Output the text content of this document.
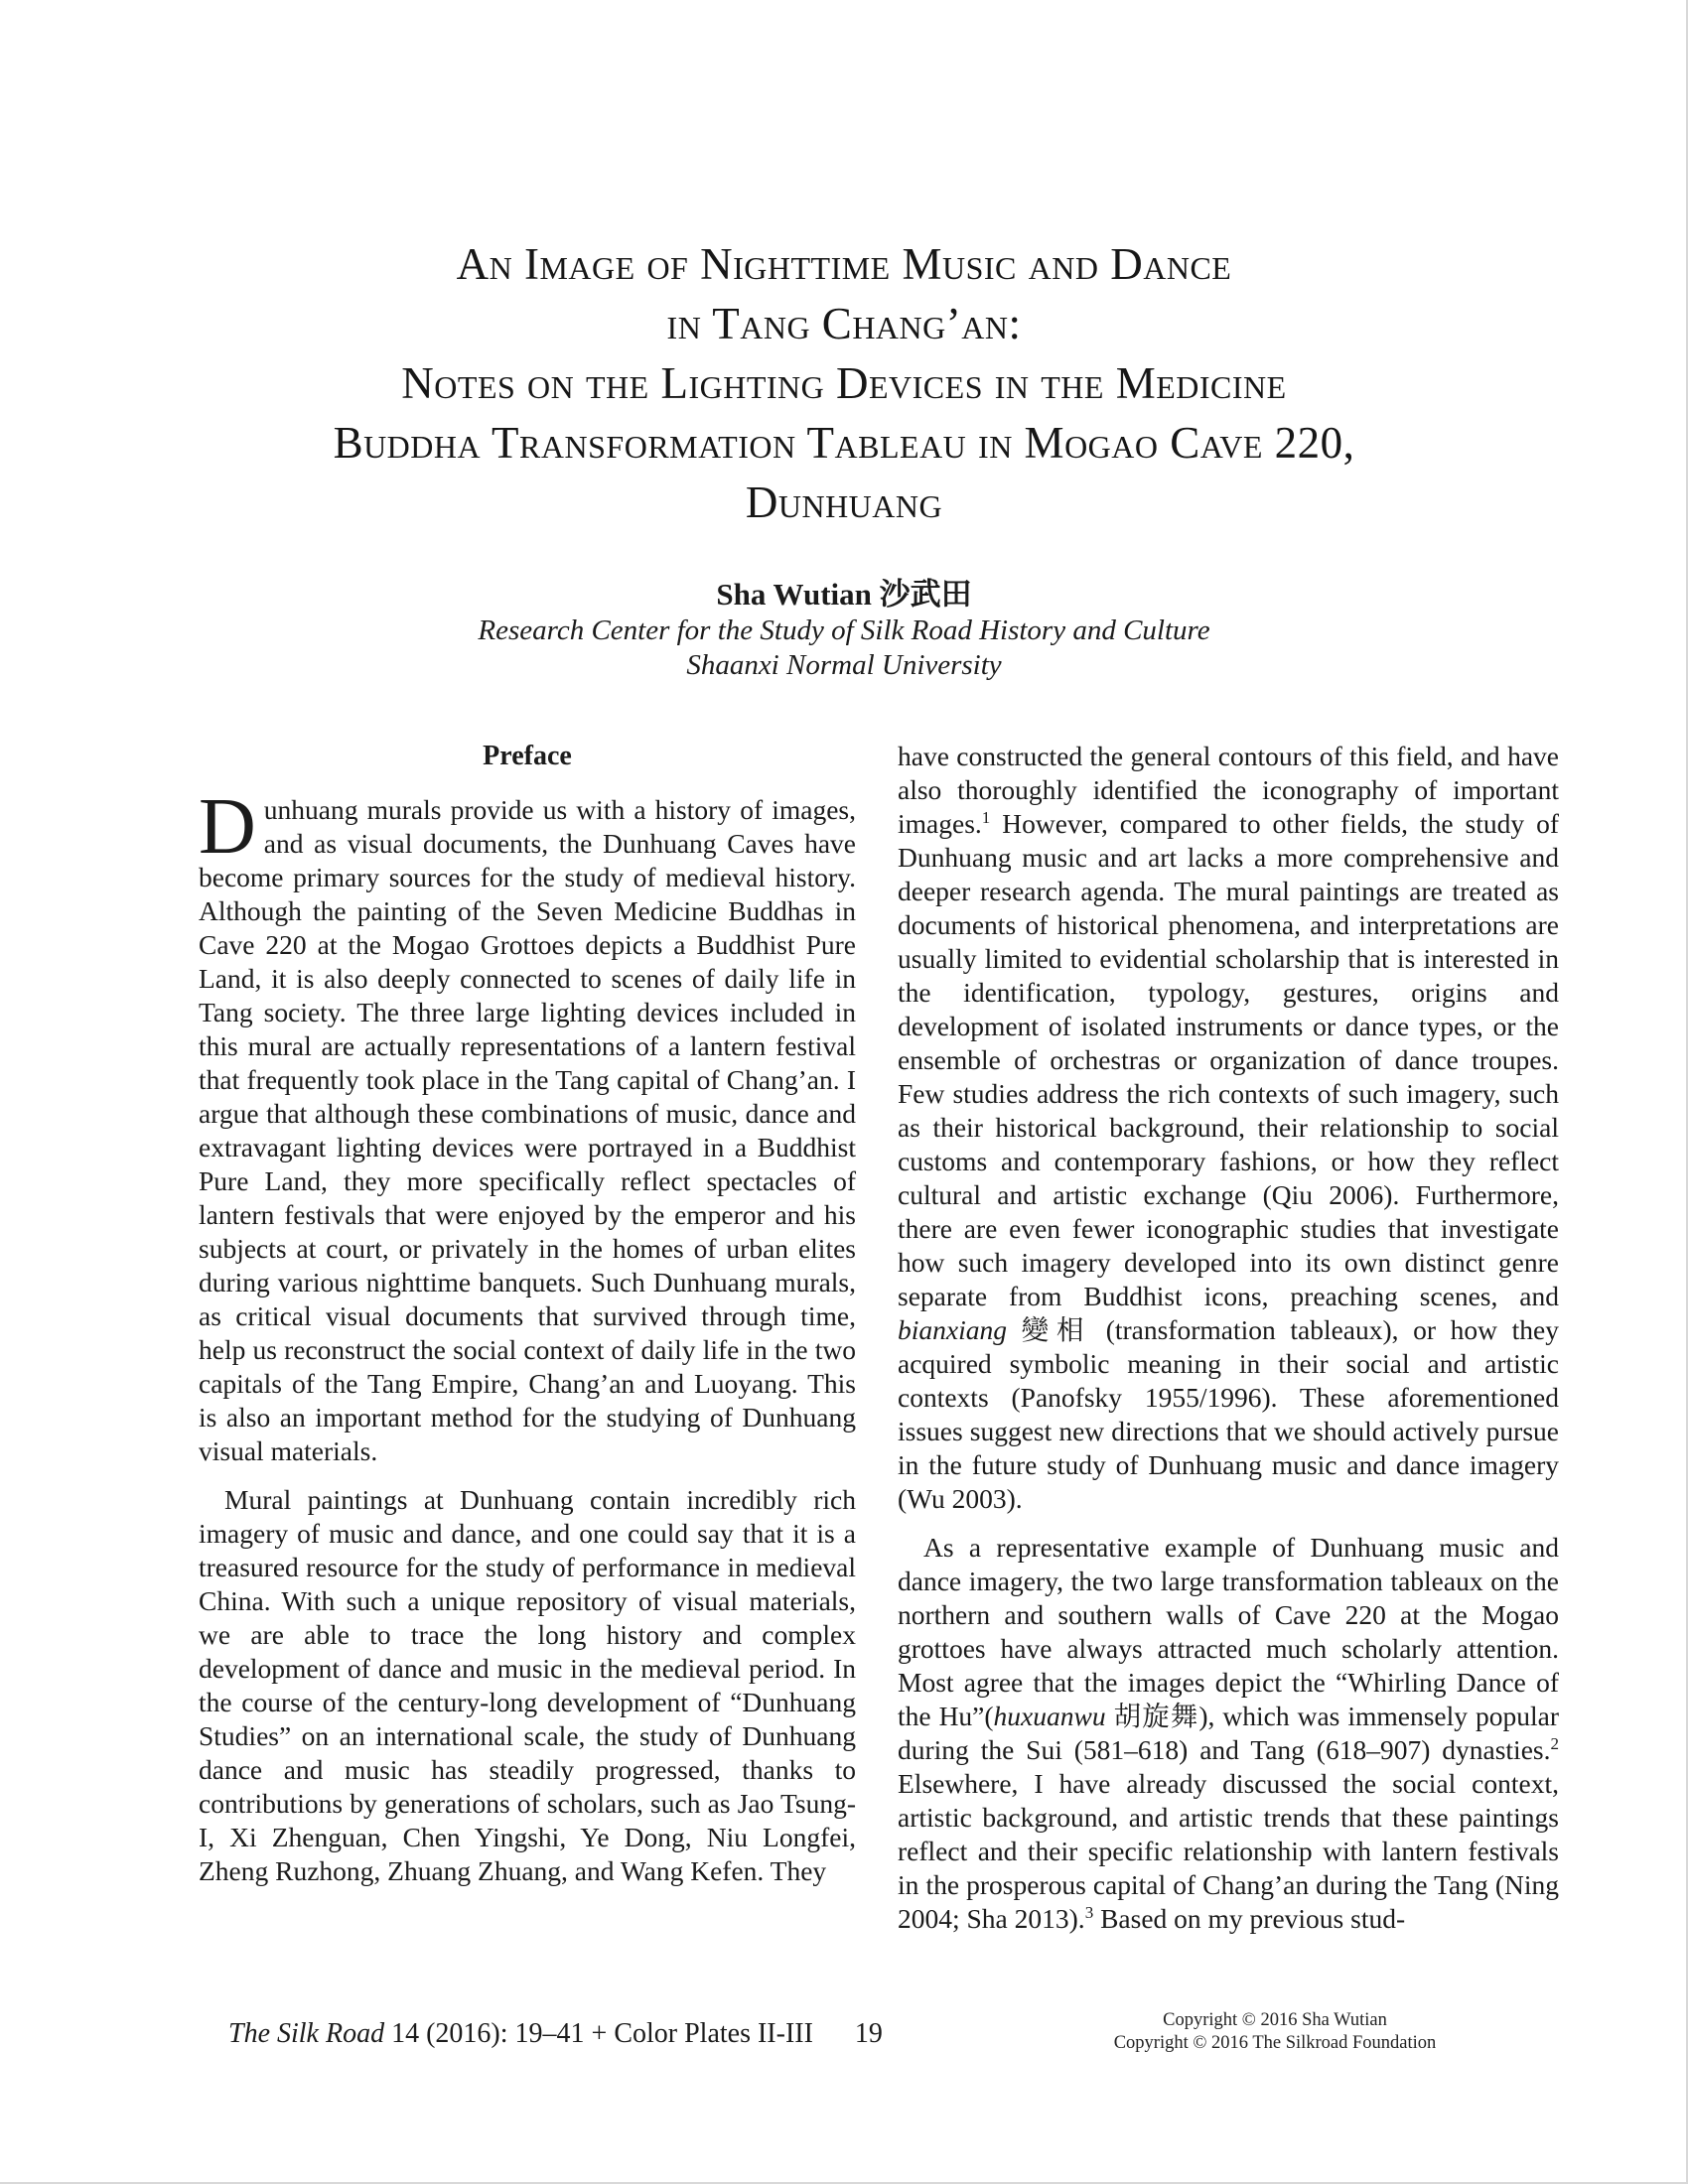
An Image of Nighttime Music and Dance
in Tang Chang’an:
Notes on the Lighting Devices in the Medicine
Buddha Transformation Tableau in Mogao Cave 220,
Dunhuang
Sha Wutian 沙武田
Research Center for the Study of Silk Road History and Culture
Shaanxi Normal University
Preface

Dunhuang murals provide us with a history of images, and as visual documents, the Dunhuang Caves have become primary sources for the study of medieval history. Although the painting of the Seven Medicine Buddhas in Cave 220 at the Mogao Grottoes depicts a Buddhist Pure Land, it is also deeply connected to scenes of daily life in Tang society. The three large lighting devices included in this mural are actually representations of a lantern festival that frequently took place in the Tang capital of Chang’an. I argue that although these combinations of music, dance and extravagant lighting devices were portrayed in a Buddhist Pure Land, they more specifically reflect spectacles of lantern festivals that were enjoyed by the emperor and his subjects at court, or privately in the homes of urban elites during various nighttime banquets. Such Dunhuang murals, as critical visual documents that survived through time, help us reconstruct the social context of daily life in the two capitals of the Tang Empire, Chang’an and Luoyang. This is also an important method for the studying of Dunhuang visual materials.

Mural paintings at Dunhuang contain incredibly rich imagery of music and dance, and one could say that it is a treasured resource for the study of performance in medieval China. With such a unique repository of visual materials, we are able to trace the long history and complex development of dance and music in the medieval period. In the course of the century-long development of “Dunhuang Studies” on an international scale, the study of Dunhuang dance and music has steadily progressed, thanks to contributions by generations of scholars, such as Jao Tsung-I, Xi Zhenguan, Chen Yingshi, Ye Dong, Niu Longfei, Zheng Ruzhong, Zhuang Zhuang, and Wang Kefen. They

have constructed the general contours of this field, and have also thoroughly identified the iconography of important images.$^1$ However, compared to other fields, the study of Dunhuang music and art lacks a more comprehensive and deeper research agenda. The mural paintings are treated as documents of historical phenomena, and interpretations are usually limited to evidential scholarship that is interested in the identification, typology, gestures, origins and development of isolated instruments or dance types, or the ensemble of orchestras or organization of dance troupes. Few studies address the rich contexts of such imagery, such as their historical background, their relationship to social customs and contemporary fashions, or how they reflect cultural and artistic exchange (Qiu 2006). Furthermore, there are even fewer iconographic studies that investigate how such imagery developed into its own distinct genre separate from Buddhist icons, preaching scenes, and bianxiang 變相 (transformation tableaux), or how they acquired symbolic meaning in their social and artistic contexts (Panofsky 1955/1996). These aforementioned issues suggest new directions that we should actively pursue in the future study of Dunhuang music and dance imagery (Wu 2003).

As a representative example of Dunhuang music and dance imagery, the two large transformation tableaux on the northern and southern walls of Cave 220 at the Mogao grottoes have always attracted much scholarly attention. Most agree that the images depict the “Whirling Dance of the Hu”(huxuanwu 胡旋舞), which was immensely popular during the Sui (581–618) and Tang (618–907) dynasties.$^2$ Elsewhere, I have already discussed the social context, artistic background, and artistic trends that these paintings reflect and their specific relationship with lantern festivals in the prosperous capital of Chang’an during the Tang (Ning 2004; Sha 2013).$^3$ Based on my previous stud-

The Silk Road 14 (2016): 19–41 + Color Plates II-III 19	Copyright © 2016 Sha Wutian
Copyright © 2016 The Silkroad Foundation
